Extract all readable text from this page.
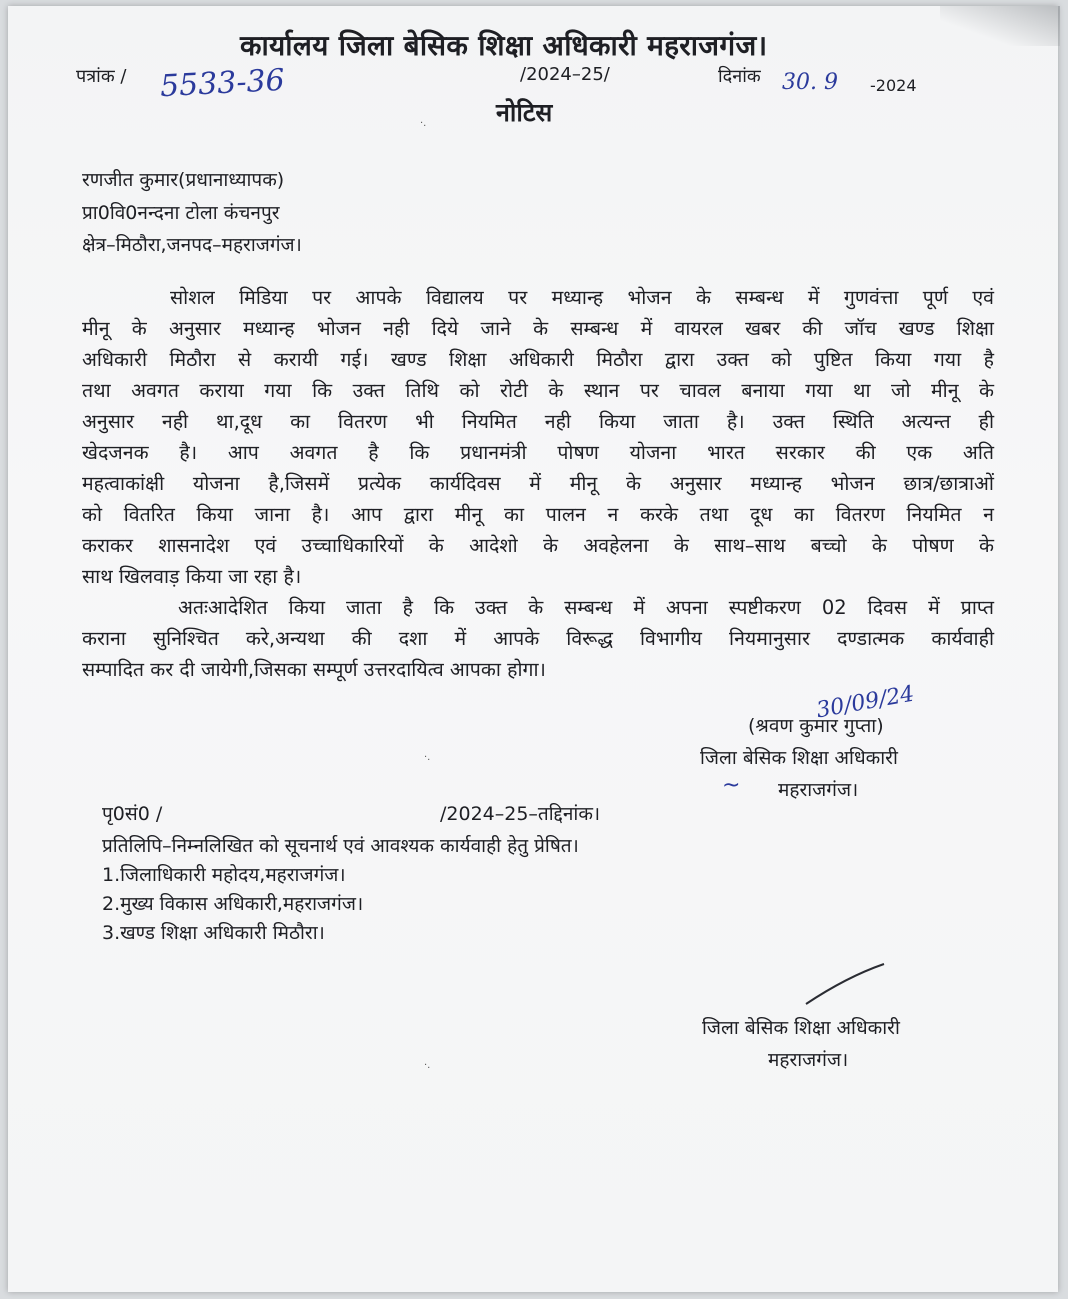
कार्यालय जिला बेसिक शिक्षा अधिकारी महराजगंज।
पत्रांक / 5533-36	/2024–25/	दिनांक 30. 9 -2024
नोटिस
रणजीत कुमार(प्रधानाध्यापक)
प्रा0वि0नन्दना टोला कंचनपुर
क्षेत्र–मिठौरा,जनपद–महराजगंज।
सोशल मिडिया पर आपके विद्यालय पर मध्यान्ह भोजन के सम्बन्ध में गुणवंत्ता पूर्ण एवं
मीनू के अनुसार मध्यान्ह भोजन नही दिये जाने के सम्बन्ध में वायरल खबर की जॉच खण्ड शिक्षा
अधिकारी मिठौरा से करायी गई। खण्ड शिक्षा अधिकारी मिठौरा द्वारा उक्त को पुष्टित किया गया है
तथा अवगत कराया गया कि उक्त तिथि को रोटी के स्थान पर चावल बनाया गया था जो मीनू के
अनुसार नही था,दूध का वितरण भी नियमित नही किया जाता है। उक्त स्थिति अत्यन्त ही
खेदजनक है। आप अवगत है कि प्रधानमंत्री पोषण योजना भारत सरकार की एक अति
महत्वाकांक्षी योजना है,जिसमें प्रत्येक कार्यदिवस में मीनू के अनुसार मध्यान्ह भोजन छात्र/छात्राओं
को वितरित किया जाना है। आप द्वारा मीनू का पालन न करके तथा दूध का वितरण नियमित न
कराकर शासनादेश एवं उच्चाधिकारियों के आदेशो के अवहेलना के साथ–साथ बच्चो के पोषण के
साथ खिलवाड़ किया जा रहा है।
अतःआदेशित किया जाता है कि उक्त के सम्बन्ध में अपना स्पष्टीकरण 02 दिवस में प्राप्त
कराना सुनिश्चित करे,अन्यथा की दशा में आपके विरूद्ध विभागीय नियमानुसार दण्डात्मक कार्यवाही
सम्पादित कर दी जायेगी,जिसका सम्पूर्ण उत्तरदायित्व आपका होगा।
30/09/24
(श्रवण कुमार गुप्ता)
जिला बेसिक शिक्षा अधिकारी
~ महराजगंज।
पृ0सं0 /	/2024–25–तद्दिनांक।
प्रतिलिपि–निम्नलिखित को सूचनार्थ एवं आवश्यक कार्यवाही हेतु प्रेषित।
1.जिलाधिकारी महोदय,महराजगंज।
2.मुख्य विकास अधिकारी,महराजगंज।
3.खण्ड शिक्षा अधिकारी मिठौरा।
जिला बेसिक शिक्षा अधिकारी
महराजगंज।
·.
·.
·.
